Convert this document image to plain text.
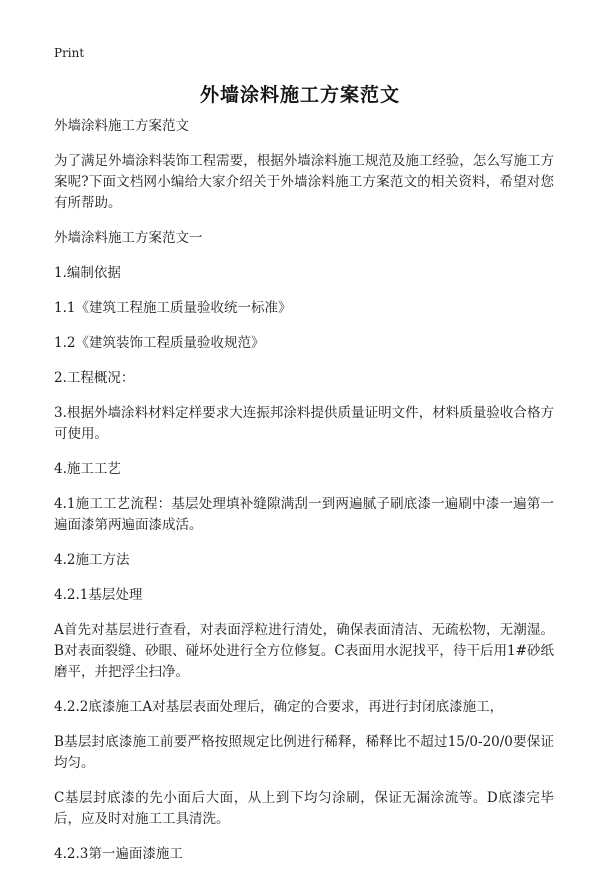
Print
外墙涂料施工方案范文

外墙涂料施工方案范文

为了满足外墙涂料装饰工程需要，根据外墙涂料施工规范及施工经验，怎么写施工方案呢?下面文档网小编给大家介绍关于外墙涂料施工方案范文的相关资料，希望对您有所帮助。

外墙涂料施工方案范文一

1.编制依据

1.1《建筑工程施工质量验收统一标准》

1.2《建筑装饰工程质量验收规范》

2.工程概况：

3.根据外墙涂料材料定样要求大连振邦涂料提供质量证明文件，材料质量验收合格方可使用。

4.施工工艺

4.1施工工艺流程：基层处理填补缝隙满刮一到两遍腻子刷底漆一遍刷中漆一遍第一遍面漆第两遍面漆成活。

4.2施工方法

4.2.1基层处理

A首先对基层进行查看，对表面浮粒进行清处，确保表面清洁、无疏松物，无潮湿。B对表面裂缝、砂眼、碰坏处进行全方位修复。C表面用水泥找平，待干后用1#砂纸磨平，并把浮尘扫净。

4.2.2底漆施工A对基层表面处理后，确定的合要求，再进行封闭底漆施工，

B基层封底漆施工前要严格按照规定比例进行稀释，稀释比不超过15/0-20/0要保证均匀。

C基层封底漆的先小面后大面，从上到下均匀涂刷，保证无漏涂流等。D底漆完毕后，应及时对施工工具清洗。

4.2.3第一遍面漆施工
